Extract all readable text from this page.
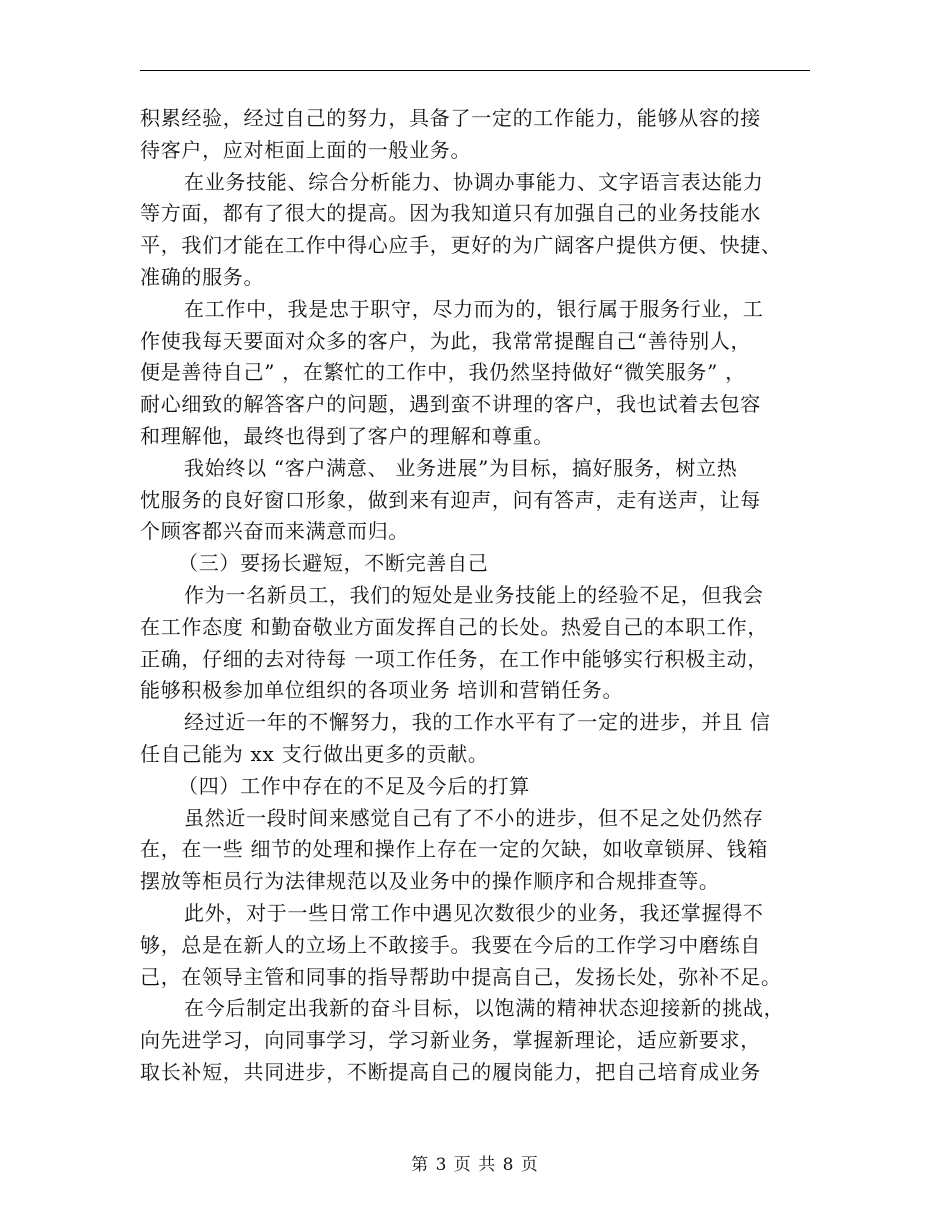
积累经验，经过自己的努力，具备了一定的工作能力，能够从容的接
待客户，应对柜面上面的一般业务。
在业务技能、综合分析能力、协调办事能力、文字语言表达能力
等方面，都有了很大的提高。因为我知道只有加强自己的业务技能水
平，我们才能在工作中得心应手，更好的为广阔客户提供方便、快捷、
准确的服务。
在工作中，我是忠于职守，尽力而为的，银行属于服务行业，工
作使我每天要面对众多的客户，为此，我常常提醒自己“善待别人，
便是善待自己” ，在繁忙的工作中，我仍然坚持做好“微笑服务” ，
耐心细致的解答客户的问题，遇到蛮不讲理的客户，我也试着去包容
和理解他，最终也得到了客户的理解和尊重。
我始终以 “客户满意、 业务进展”为目标，搞好服务，树立热
忱服务的良好窗口形象，做到来有迎声，问有答声，走有送声，让每
个顾客都兴奋而来满意而归。
（三）要扬长避短，不断完善自己
作为一名新员工，我们的短处是业务技能上的经验不足，但我会
在工作态度 和勤奋敬业方面发挥自己的长处。热爱自己的本职工作，
正确，仔细的去对待每 一项工作任务，在工作中能够实行积极主动，
能够积极参加单位组织的各项业务 培训和营销任务。
经过近一年的不懈努力，我的工作水平有了一定的进步，并且 信
任自己能为 xx 支行做出更多的贡献。
（四）工作中存在的不足及今后的打算
虽然近一段时间来感觉自己有了不小的进步，但不足之处仍然存
在，在一些 细节的处理和操作上存在一定的欠缺，如收章锁屏、钱箱
摆放等柜员行为法律规范以及业务中的操作顺序和合规排查等。
此外，对于一些日常工作中遇见次数很少的业务，我还掌握得不
够，总是在新人的立场上不敢接手。我要在今后的工作学习中磨练自
己，在领导主管和同事的指导帮助中提高自己，发扬长处，弥补不足。
在今后制定出我新的奋斗目标，以饱满的精神状态迎接新的挑战，
向先进学习，向同事学习，学习新业务，掌握新理论，适应新要求，
取长补短，共同进步，不断提高自己的履岗能力，把自己培育成业务
第 3 页 共 8 页
